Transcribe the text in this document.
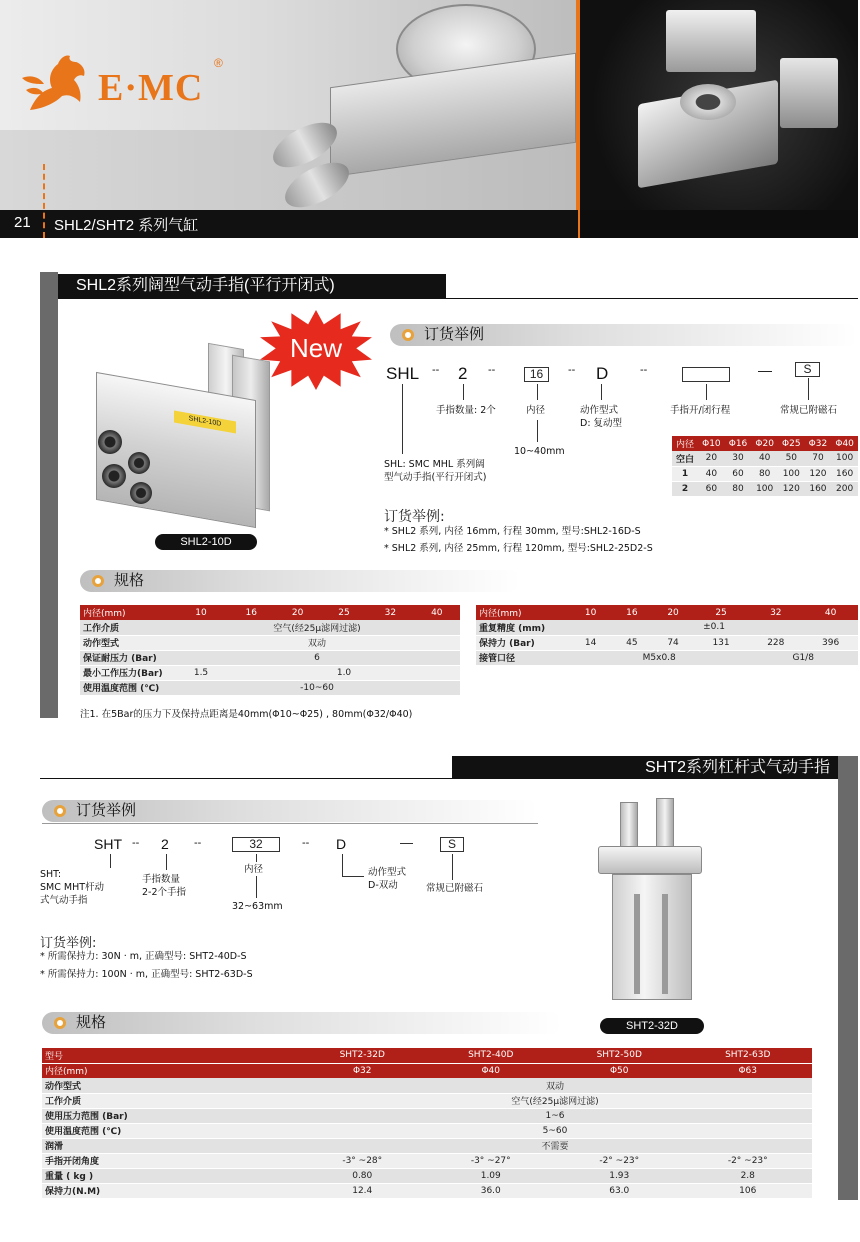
E·MC
®
21 SHL2/SHT2 系列气缸
SHL2系列阔型气动手指(平行开闭式)
SHL2-10D
SHL2-10D
New	订货举例
SHL -- 2 --	16	-- D	--	—	S
手指数量: 2个	内径
10~40mm
动作型式
D: 复动型
手指开/闭行程	常规已附磁石
SHL: SMC MHL 系列阔
型气动手指(平行开闭式)
内径	Φ10	Φ16	Φ20	Φ25	Φ32	Φ40
空白	20	30	40	50	70	100
1	40	60	80	100	120	160
2	60	80	100	120	160	200
订货举例:
* SHL2 系列, 内径 16mm, 行程 30mm, 型号:SHL2-16D-S
* SHL2 系列, 内径 25mm, 行程 120mm, 型号:SHL2-25D2-S
规格
内径(mm)	10	16	20	25	32	40
工作介质	空气(经25μ滤网过滤)					
动作型式	双动					
保证耐压力 (Bar)	6					
最小工作压力(Bar)	1.5	1.0				
使用温度范围 (℃)	-10~60					
内径(mm)	10	16	20	25	32	40
重复精度 (mm)	±0.1					
保持力 (Bar)	14	45	74	131	228	396
接管口径	M5x0.8				G1/8	
注1. 在5Bar的压力下及保持点距离是40mm(Φ10~Φ25) , 80mm(Φ32/Φ40)
SHT2系列杠杆式气动手指
订货举例
SHT -- 2 --	32	-- D	—	S
SHT:
SMC MHT杆动
式气动手指
手指数量
2-2个手指
内径
32~63mm
动作型式
D-双动	常规已附磁石
订货举例:
* 所需保持力: 30N · m, 正确型号: SHT2-40D-S
* 所需保持力: 100N · m, 正确型号: SHT2-63D-S
SHT2-32D
规格
型号	SHT2-32D	SHT2-40D	SHT2-50D	SHT2-63D
内径(mm)	Φ32	Φ40	Φ50	Φ63
动作型式	双动			
工作介质	空气(经25μ滤网过滤)			
使用压力范围 (Bar)	1~6			
使用温度范围 (℃)	5~60			
润滑	不需要			
手指开闭角度	-3° ~28°	-3° ~27°	-2° ~23°	-2° ~23°
重量 ( kg )	0.80	1.09	1.93	2.8
保持力(N.M)	12.4	36.0	63.0	106
